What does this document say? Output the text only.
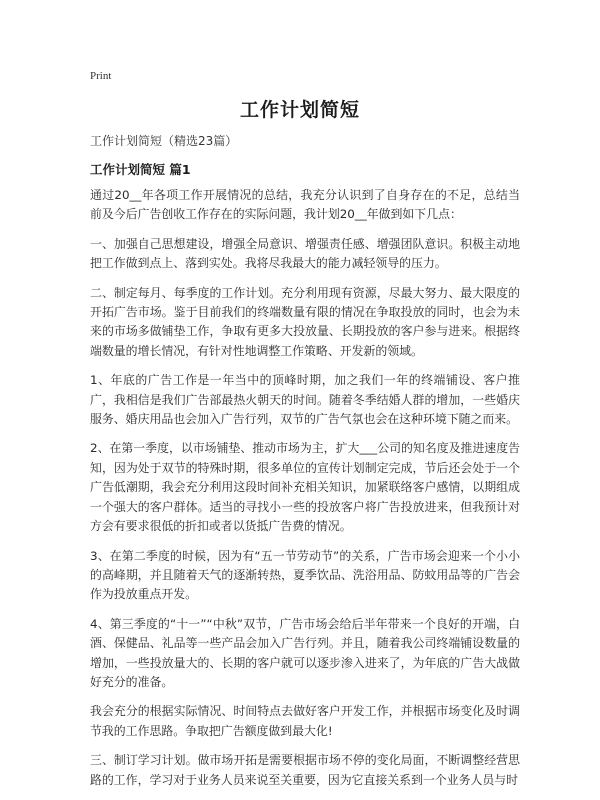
Print
工作计划简短
工作计划简短（精选23篇）
工作计划简短 篇1

通过20__年各项工作开展情况的总结，我充分认识到了自身存在的不足，总结当前及今后广告创收工作存在的实际问题，我计划20__年做到如下几点：

一、加强自己思想建设，增强全局意识、增强责任感、增强团队意识。积极主动地把工作做到点上、落到实处。我将尽我最大的能力减轻领导的压力。

二、制定每月、每季度的工作计划。充分利用现有资源，尽最大努力、最大限度的开拓广告市场。鉴于目前我们的终端数量有限的情况在争取投放的同时，也会为未来的市场多做铺垫工作，争取有更多大投放量、长期投放的客户参与进来。根据终端数量的增长情况，有针对性地调整工作策略、开发新的领域。

1、年底的广告工作是一年当中的顶峰时期，加之我们一年的终端铺设、客户推广，我相信是我们广告部最热火朝天的时间。随着冬季结婚人群的增加，一些婚庆服务、婚庆用品也会加入广告行列，双节的广告气氛也会在这种环境下随之而来。

2、在第一季度，以市场铺垫、推动市场为主，扩大___公司的知名度及推进速度告知，因为处于双节的特殊时期，很多单位的宣传计划制定完成，节后还会处于一个广告低潮期，我会充分利用这段时间补充相关知识，加紧联络客户感情，以期组成一个强大的客户群体。适当的寻找小一些的投放客户将广告投放进来，但我预计对方会有要求很低的折扣或者以货抵广告费的情况。

3、在第二季度的时候，因为有“五一节劳动节”的关系，广告市场会迎来一个小小的高峰期，并且随着天气的逐渐转热，夏季饮品、洗浴用品、防蚊用品等的广告会作为投放重点开发。

4、第三季度的“十一”“中秋”双节，广告市场会给后半年带来一个良好的开端，白酒、保健品、礼品等一些产品会加入广告行列。并且，随着我公司终端铺设数量的增加，一些投放量大的、长期的客户就可以逐步渗入进来了，为年底的广告大战做好充分的准备。

我会充分的根据实际情况、时间特点去做好客户开发工作，并根据市场变化及时调节我的工作思路。争取把广告额度做到最大化!

三、制订学习计划。做市场开拓是需要根据市场不停的变化局面，不断调整经营思路的工作，学习对于业务人员来说至关重要，因为它直接关系到一个业务人员与时
